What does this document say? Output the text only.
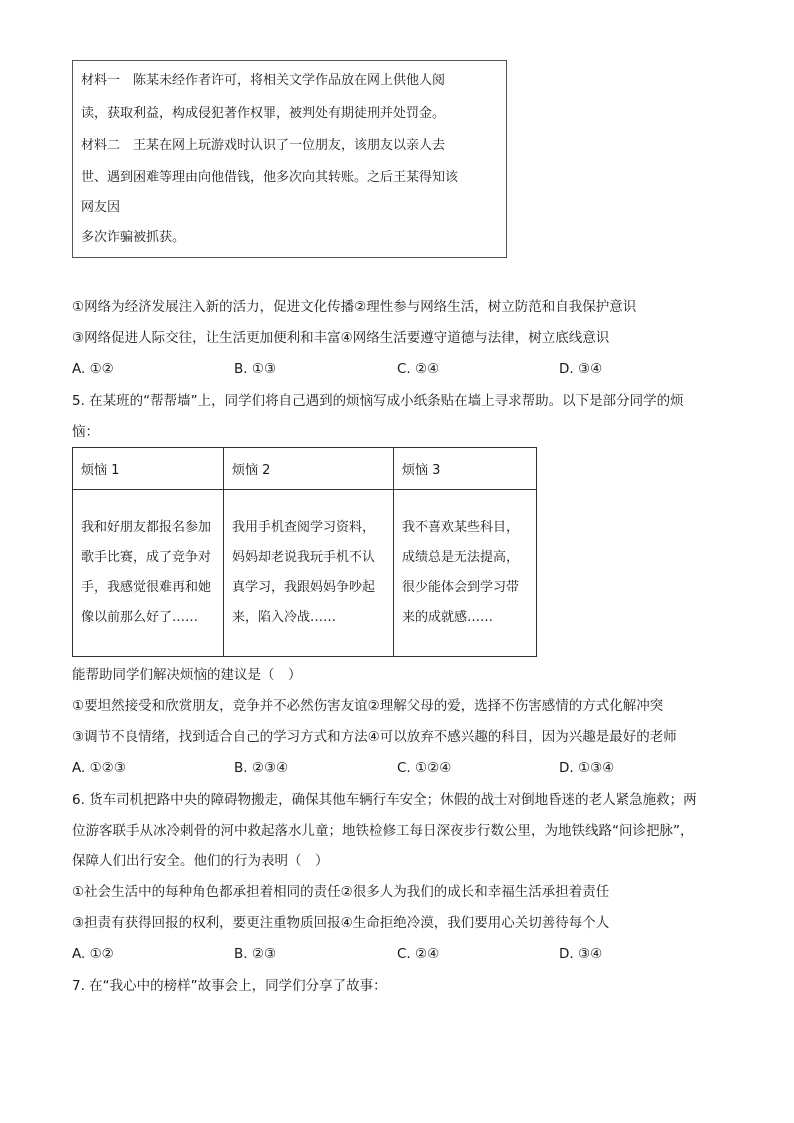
材料一　陈某未经作者许可，将相关文学作品放在网上供他人阅
读，获取利益，构成侵犯著作权罪，被判处有期徒刑并处罚金。
材料二　王某在网上玩游戏时认识了一位朋友，该朋友以亲人去
世、遇到困难等理由向他借钱，他多次向其转账。之后王某得知该
网友因
多次诈骗被抓获。
①网络为经济发展注入新的活力，促进文化传播②理性参与网络生活，树立防范和自我保护意识
③网络促进人际交往，让生活更加便利和丰富④网络生活要遵守道德与法律，树立底线意识
A. ①②	B. ①③	C. ②④	D. ③④
5. 在某班的“帮帮墙”上，同学们将自己遇到的烦恼写成小纸条贴在墙上寻求帮助。以下是部分同学的烦
恼：
烦恼 1	烦恼 2	烦恼 3

我和好朋友都报名参加歌手比赛，成了竞争对手，我感觉很难再和她像以前那么好了……	我用手机查阅学习资料，妈妈却老说我玩手机不认真学习，我跟妈妈争吵起来，陷入冷战……	我不喜欢某些科目，成绩总是无法提高，很少能体会到学习带来的成就感……
能帮助同学们解决烦恼的建议是（　）
①要坦然接受和欣赏朋友，竞争并不必然伤害友谊②理解父母的爱，选择不伤害感情的方式化解冲突
③调节不良情绪，找到适合自己的学习方式和方法④可以放弃不感兴趣的科目，因为兴趣是最好的老师
A. ①②③	B. ②③④	C. ①②④	D. ①③④
6. 货车司机把路中央的障碍物搬走，确保其他车辆行车安全；休假的战士对倒地昏迷的老人紧急施救；两
位游客联手从冰冷刺骨的河中救起落水儿童；地铁检修工每日深夜步行数公里，为地铁线路“问诊把脉”，
保障人们出行安全。他们的行为表明（　）
①社会生活中的每种角色都承担着相同的责任②很多人为我们的成长和幸福生活承担着责任
③担责有获得回报的权利，要更注重物质回报④生命拒绝冷漠，我们要用心关切善待每个人
A. ①②	B. ②③	C. ②④	D. ③④
7. 在“我心中的榜样”故事会上，同学们分享了故事：
